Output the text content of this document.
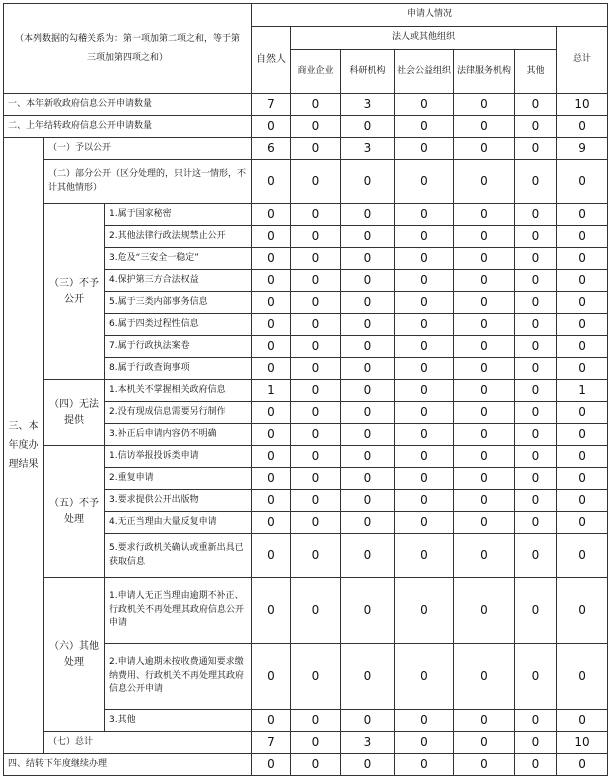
（本列数据的勾稽关系为：第一项加第二项之和，等于第三项加第四项之和）			申请人情况						
			自然人	法人或其他组织					总计
				商业企业	科研机构	社会公益组织	法律服务机构	其他	
一、本年新收政府信息公开申请数量			7	0	3	0	0	0	10
二、上年结转政府信息公开申请数量			0	0	0	0	0	0	0
三、本年度办理结果	（一）予以公开		6	0	3	0	0	0	9
	（二）部分公开（区分处理的，只计这一情形，不计其他情形）		0	0	0	0	0	0	0
	（三）不予公开	1.属于国家秘密	0	0	0	0	0	0	0
		2.其他法律行政法规禁止公开	0	0	0	0	0	0	0
		3.危及“三安全一稳定”	0	0	0	0	0	0	0
		4.保护第三方合法权益	0	0	0	0	0	0	0
		5.属于三类内部事务信息	0	0	0	0	0	0	0
		6.属于四类过程性信息	0	0	0	0	0	0	0
		7.属于行政执法案卷	0	0	0	0	0	0	0
		8.属于行政查询事项	0	0	0	0	0	0	0
	（四）无法提供	1.本机关不掌握相关政府信息	1	0	0	0	0	0	1
		2.没有现成信息需要另行制作	0	0	0	0	0	0	0
		3.补正后申请内容仍不明确	0	0	0	0	0	0	0
	（五）不予处理	1.信访举报投诉类申请	0	0	0	0	0	0	0
		2.重复申请	0	0	0	0	0	0	0
		3.要求提供公开出版物	0	0	0	0	0	0	0
		4.无正当理由大量反复申请	0	0	0	0	0	0	0
		5.要求行政机关确认或重新出具已获取信息	0	0	0	0	0	0	0
	（六）其他处理	1.申请人无正当理由逾期不补正、行政机关不再处理其政府信息公开申请	0	0	0	0	0	0	0
		2.申请人逾期未按收费通知要求缴纳费用、行政机关不再处理其政府信息公开申请	0	0	0	0	0	0	0
		3.其他	0	0	0	0	0	0	0
	（七）总计		7	0	3	0	0	0	10
四、结转下年度继续办理			0	0	0	0	0	0	0
